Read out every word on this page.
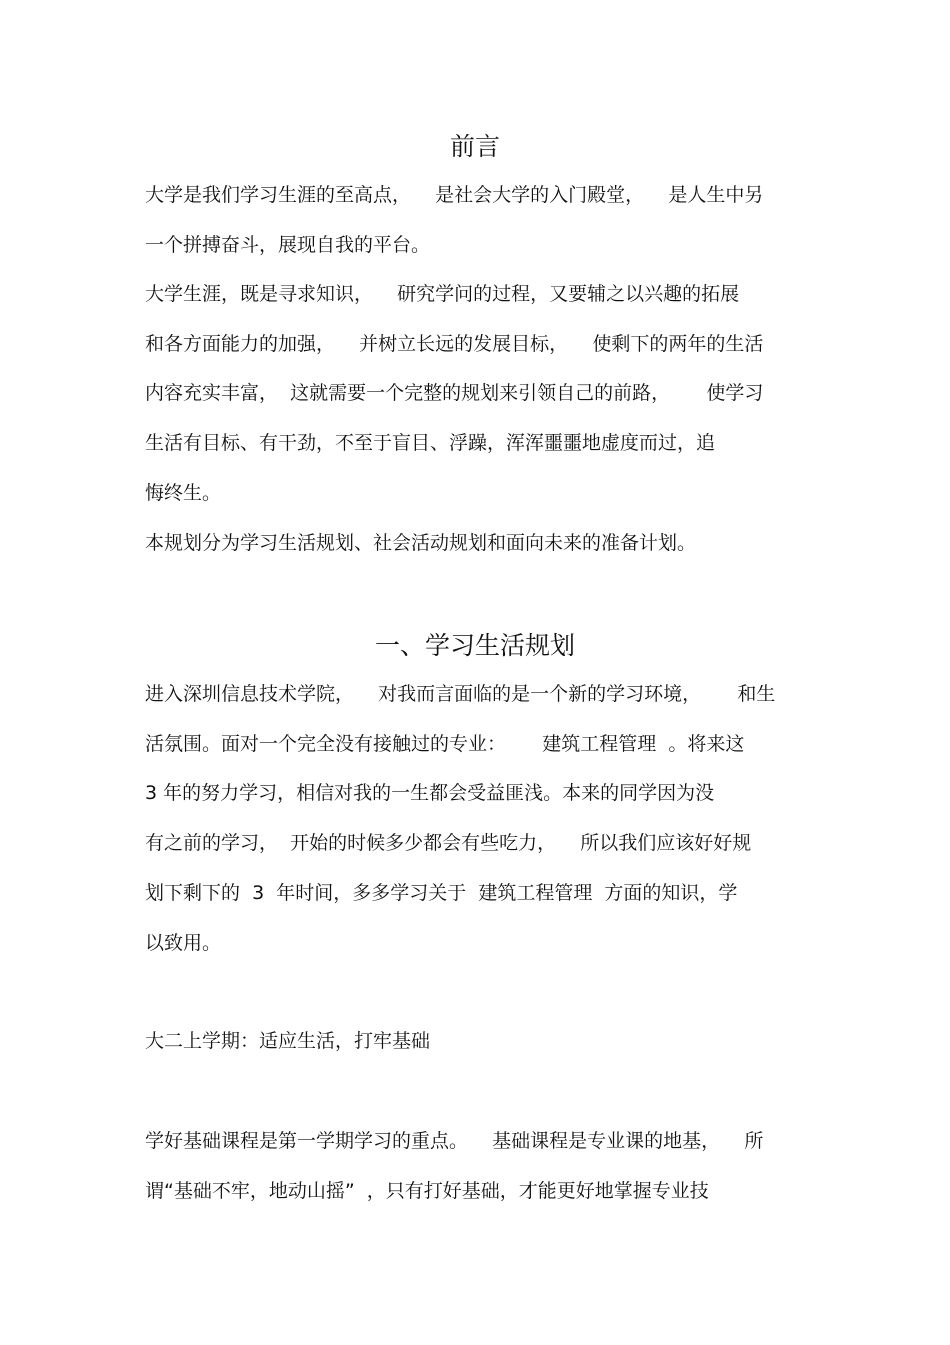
前言

大学是我们学习生涯的至高点，    是社会大学的入门殿堂，    是人生中另

一个拼搏奋斗，展现自我的平台。

大学生涯，既是寻求知识，    研究学问的过程，又要辅之以兴趣的拓展

和各方面能力的加强，    并树立长远的发展目标，    使剩下的两年的生活

内容充实丰富，  这就需要一个完整的规划来引领自己的前路，      使学习

生活有目标、有干劲，不至于盲目、浮躁，浑浑噩噩地虚度而过，追

悔终生。

本规划分为学习生活规划、社会活动规划和面向未来的准备计划。

一、学习生活规划

进入深圳信息技术学院，    对我而言面临的是一个新的学习环境，      和生

活氛围。面对一个完全没有接触过的专业：      建筑工程管理  。将来这

3 年的努力学习，相信对我的一生都会受益匪浅。本来的同学因为没

有之前的学习，  开始的时候多少都会有些吃力，    所以我们应该好好规

划下剩下的  3  年时间，多多学习关于  建筑工程管理  方面的知识，学

以致用。

大二上学期：适应生活，打牢基础

学好基础课程是第一学期学习的重点。    基础课程是专业课的地基，    所

谓“基础不牢，地动山摇”  ，只有打好基础，才能更好地掌握专业技
